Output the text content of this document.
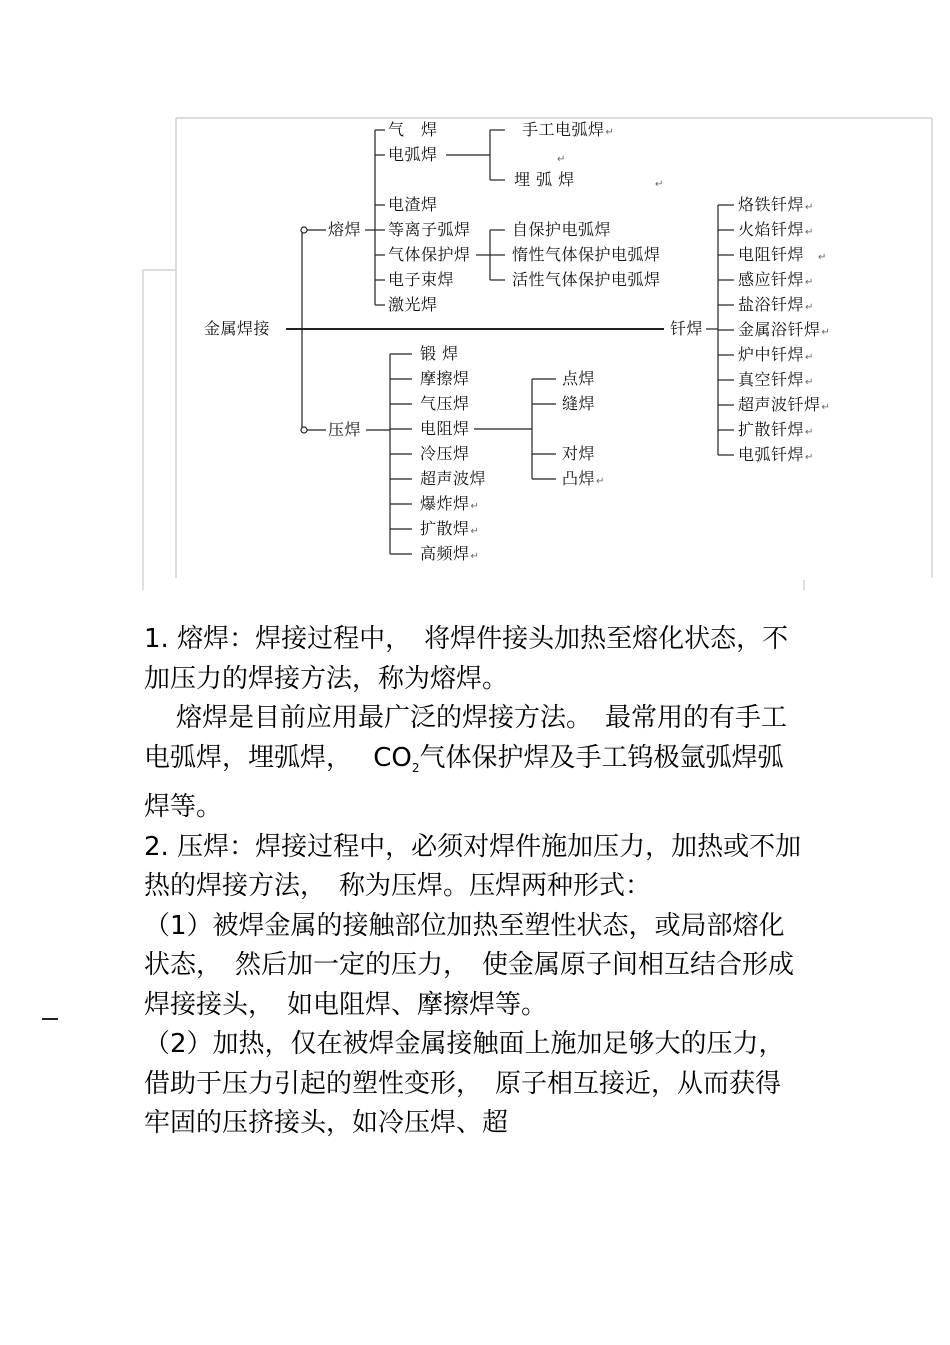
金属焊接
熔焊
气　焊
电弧焊
电渣焊
等离子弧焊
气体保护焊
电子束焊
激光焊
手工电弧焊↵
↵
埋 弧 焊	↵
自保护电弧焊
惰性气体保护电弧焊
活性气体保护电弧焊
压焊
锻 焊
摩擦焊
气压焊
电阻焊
冷压焊
超声波焊
爆炸焊↵
扩散焊↵
高频焊↵
点焊
缝焊
对焊
凸焊↵
钎焊
烙铁钎焊↵
火焰钎焊↵
电阻钎焊 ↵
感应钎焊↵
盐浴钎焊↵
金属浴钎焊↵
炉中钎焊↵
真空钎焊↵
超声波钎焊↵
扩散钎焊↵
电弧钎焊↵

1. 熔焊：焊接过程中，　将焊件接头加热至熔化状态，不加压力的焊接方法，称为熔焊。

熔焊是目前应用最广泛的焊接方法。　最常用的有手工电弧焊，埋弧焊，　 $CO_2$气体保护焊及手工钨极氩弧焊弧焊等。

2. 压焊：焊接过程中，必须对焊件施加压力，加热或不加热的焊接方法，　称为压焊。压焊两种形式：

（1）被焊金属的接触部位加热至塑性状态，或局部熔化状态，　然后加一定的压力，　使金属原子间相互结合形成焊接接头，　如电阻焊、摩擦焊等。

（2）加热，仅在被焊金属接触面上施加足够大的压力，借助于压力引起的塑性变形，　原子相互接近，从而获得牢固的压挤接头，如冷压焊、超
